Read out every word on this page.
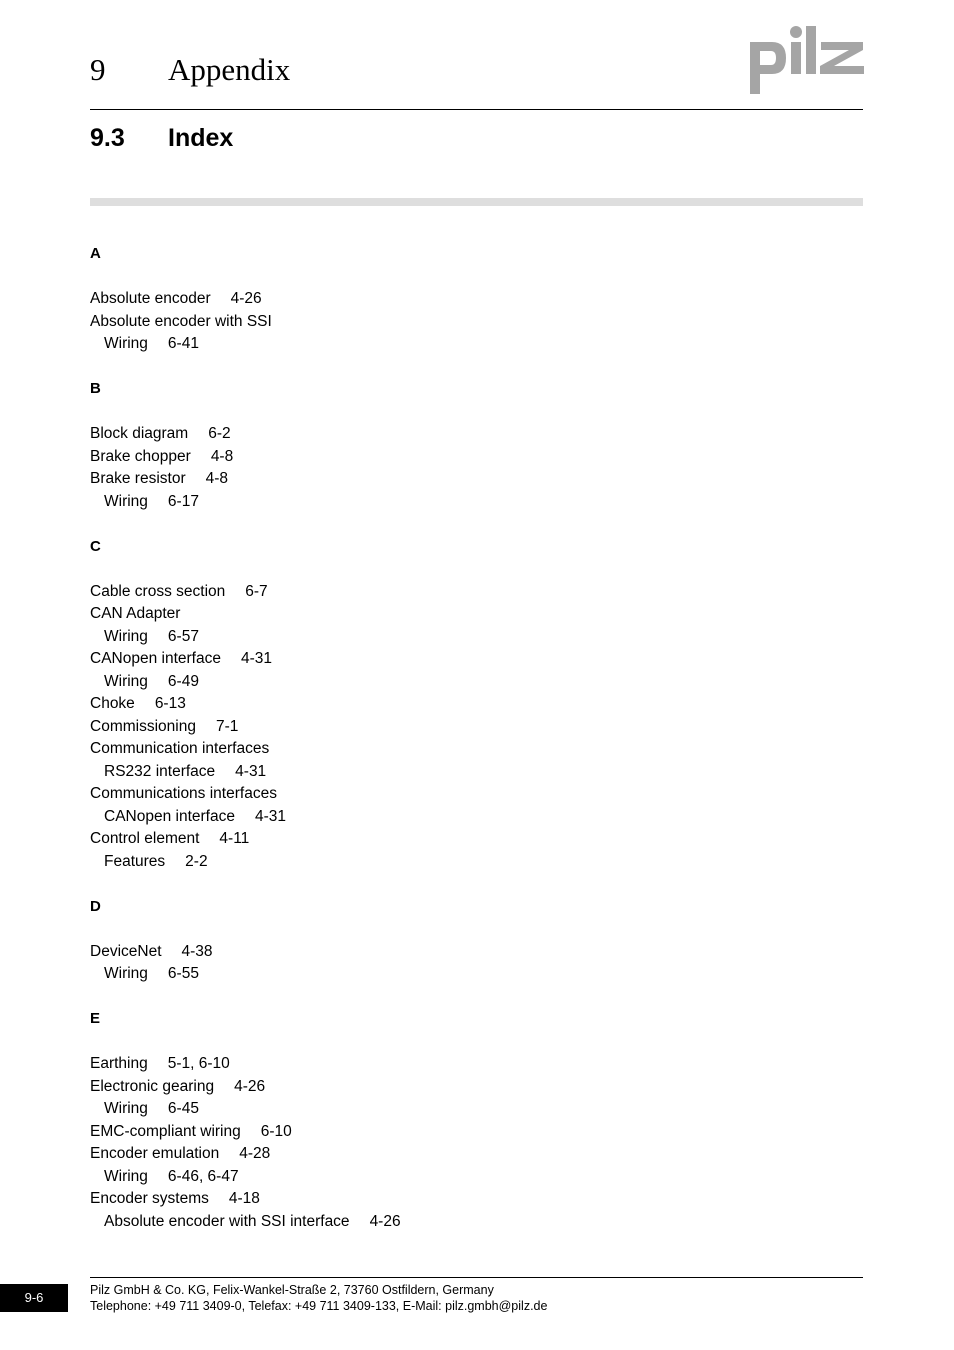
9 Appendix
9.3 Index
A
Absolute encoder 4-26
Absolute encoder with SSI
Wiring 6-41
B
Block diagram 6-2
Brake chopper 4-8
Brake resistor 4-8
Wiring 6-17
C
Cable cross section 6-7
CAN Adapter
Wiring 6-57
CANopen interface 4-31
Wiring 6-49
Choke 6-13
Commissioning 7-1
Communication interfaces
RS232 interface 4-31
Communications interfaces
CANopen interface 4-31
Control element 4-11
Features 2-2
D
DeviceNet 4-38
Wiring 6-55
E
Earthing 5-1, 6-10
Electronic gearing 4-26
Wiring 6-45
EMC-compliant wiring 6-10
Encoder emulation 4-28
Wiring 6-46, 6-47
Encoder systems 4-18
Absolute encoder with SSI interface 4-26
9-6	Pilz GmbH & Co. KG, Felix-Wankel-Straße 2, 73760 Ostfildern, Germany
Telephone: +49 711 3409-0, Telefax: +49 711 3409-133, E-Mail: pilz.gmbh@pilz.de
